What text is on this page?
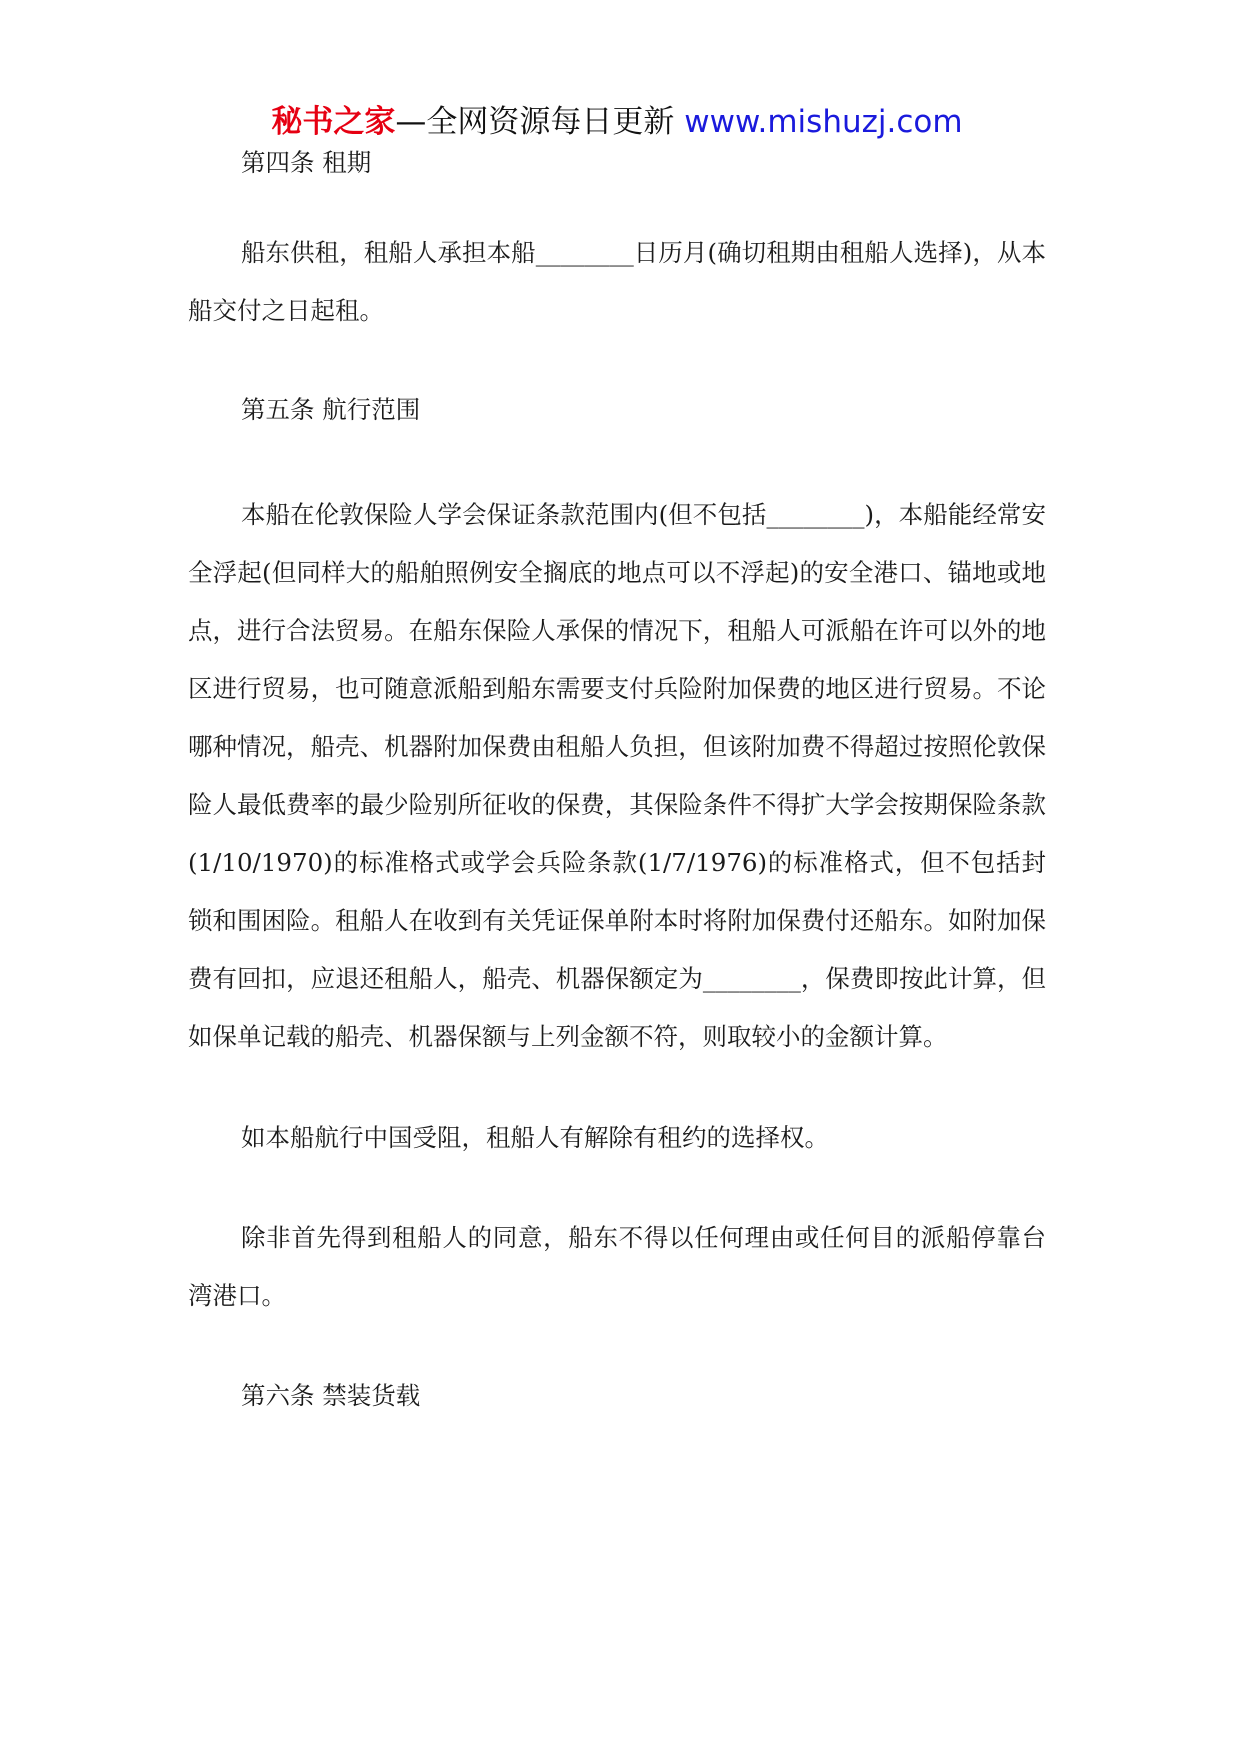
秘书之家—全网资源每日更新 www.mishuzj.com

第四条 租期

船东供租，租船人承担本船________日历月(确切租期由租船人选择)，从本船交付之日起租。

第五条 航行范围

本船在伦敦保险人学会保证条款范围内(但不包括________)，本船能经常安全浮起(但同样大的船舶照例安全搁底的地点可以不浮起)的安全港口、锚地或地点，进行合法贸易。在船东保险人承保的情况下，租船人可派船在许可以外的地区进行贸易，也可随意派船到船东需要支付兵险附加保费的地区进行贸易。不论哪种情况，船壳、机器附加保费由租船人负担，但该附加费不得超过按照伦敦保险人最低费率的最少险别所征收的保费，其保险条件不得扩大学会按期保险条款(1/10/1970)的标准格式或学会兵险条款(1/7/1976)的标准格式，但不包括封锁和围困险。租船人在收到有关凭证保单附本时将附加保费付还船东。如附加保费有回扣，应退还租船人，船壳、机器保额定为________，保费即按此计算，但如保单记载的船壳、机器保额与上列金额不符，则取较小的金额计算。

如本船航行中国受阻，租船人有解除有租约的选择权。

除非首先得到租船人的同意，船东不得以任何理由或任何目的派船停靠台湾港口。

第六条 禁装货载
